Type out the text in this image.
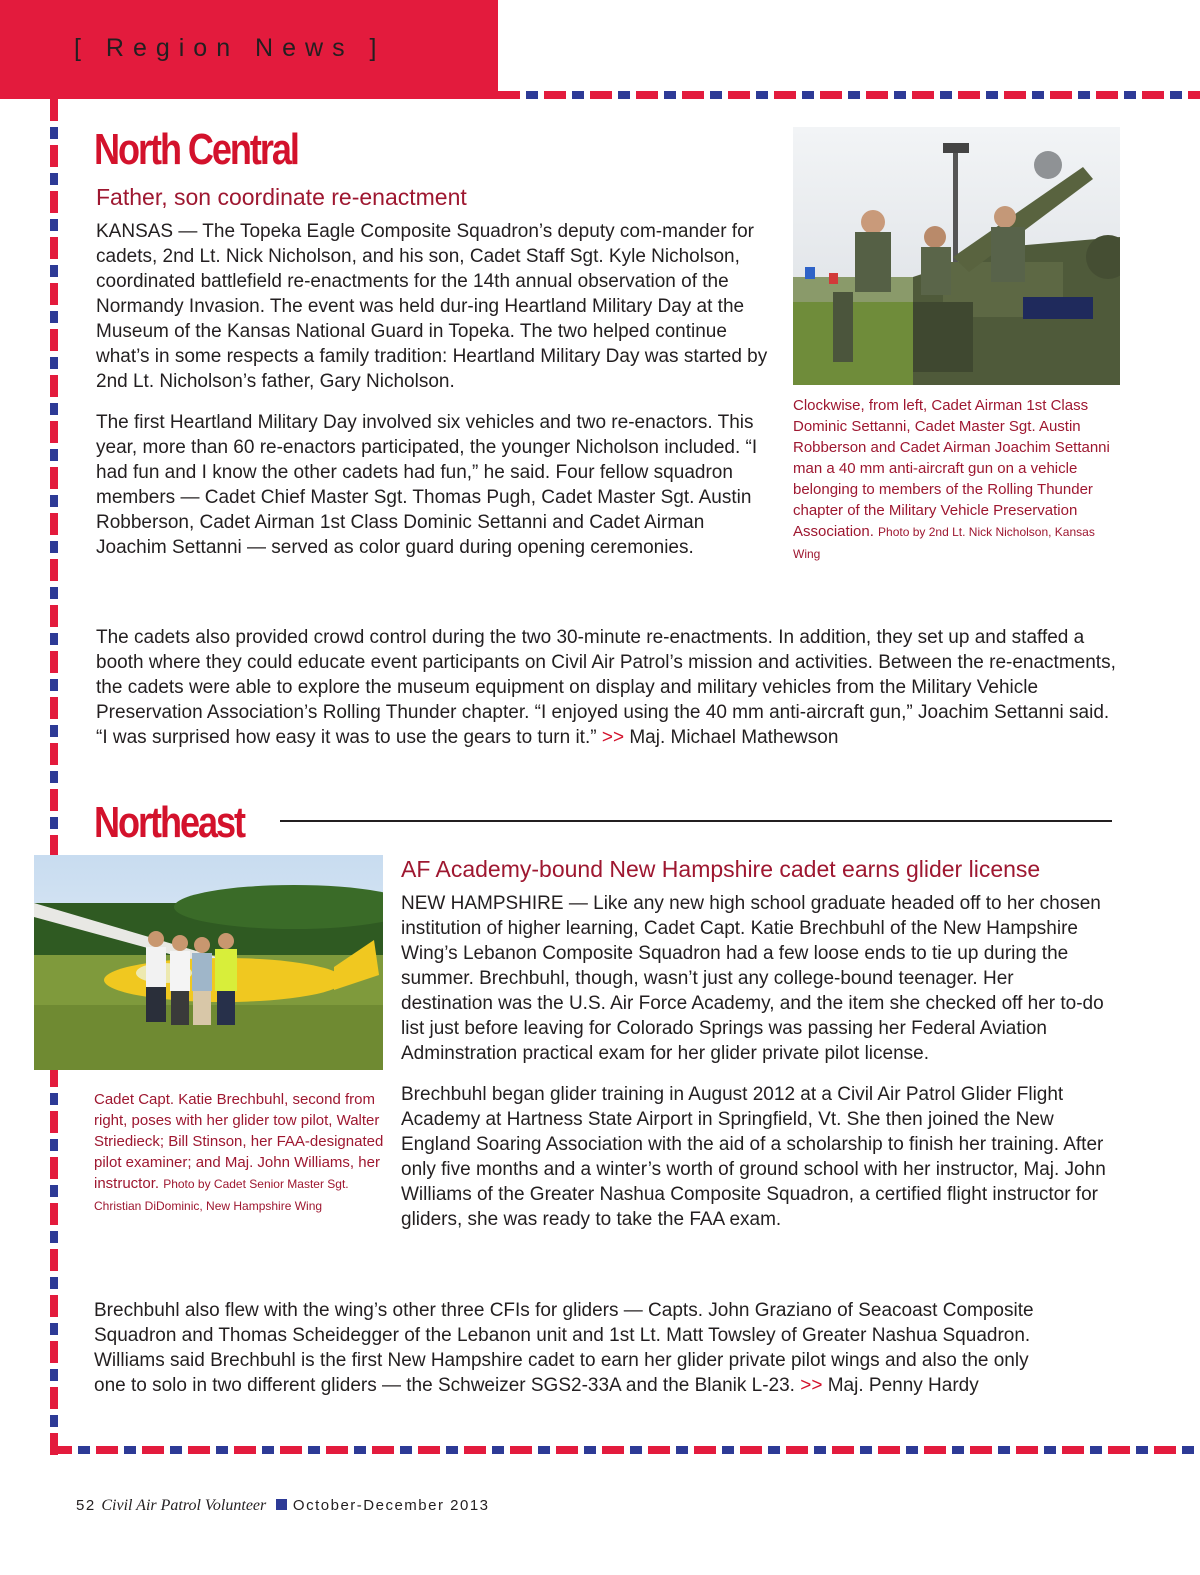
[ Region News ]
North Central
Father, son coordinate re-enactment

KANSAS — The Topeka Eagle Composite Squadron’s deputy com-mander for cadets, 2nd Lt. Nick Nicholson, and his son, Cadet Staff Sgt. Kyle Nicholson, coordinated battlefield re-enactments for the 14th annual observation of the Normandy Invasion. The event was held dur-ing Heartland Military Day at the Museum of the Kansas National Guard in Topeka. The two helped continue what’s in some respects a family tradition: Heartland Military Day was started by 2nd Lt. Nicholson’s father, Gary Nicholson.

The first Heartland Military Day involved six vehicles and two re-enactors. This year, more than 60 re-enactors participated, the younger Nicholson included. “I had fun and I know the other cadets had fun,” he said. Four fellow squadron members — Cadet Chief Master Sgt. Thomas Pugh, Cadet Master Sgt. Austin Robberson, Cadet Airman 1st Class Dominic Settanni and Cadet Airman Joachim Settanni — served as color guard during opening ceremonies.

Clockwise, from left, Cadet Airman 1st Class Dominic Settanni, Cadet Master Sgt. Austin Robberson and Cadet Airman Joachim Settanni man a 40 mm anti-aircraft gun on a vehicle belonging to members of the Rolling Thunder chapter of the Military Vehicle Preservation Association. Photo by 2nd Lt. Nick Nicholson, Kansas Wing

The cadets also provided crowd control during the two 30-minute re-enactments. In addition, they set up and staffed a booth where they could educate event participants on Civil Air Patrol’s mission and activities. Between the re-enactments, the cadets were able to explore the museum equipment on display and military vehicles from the Military Vehicle Preservation Association’s Rolling Thunder chapter. “I enjoyed using the 40 mm anti-aircraft gun,” Joachim Settanni said. “I was surprised how easy it was to use the gears to turn it.” >> Maj. Michael Mathewson

Northeast
Cadet Capt. Katie Brechbuhl, second from right, poses with her glider tow pilot, Walter Striedieck; Bill Stinson, her FAA-designated pilot examiner; and Maj. John Williams, her instructor. Photo by Cadet Senior Master Sgt. Christian DiDominic, New Hampshire Wing
AF Academy-bound New Hampshire cadet earns glider license

NEW HAMPSHIRE — Like any new high school graduate headed off to her chosen institution of higher learning, Cadet Capt. Katie Brechbuhl of the New Hampshire Wing’s Lebanon Composite Squadron had a few loose ends to tie up during the summer. Brechbuhl, though, wasn’t just any college-bound teenager. Her destination was the U.S. Air Force Academy, and the item she checked off her to-do list just before leaving for Colorado Springs was passing her Federal Aviation Adminstration practical exam for her glider private pilot license.

Brechbuhl began glider training in August 2012 at a Civil Air Patrol Glider Flight Academy at Hartness State Airport in Springfield, Vt. She then joined the New England Soaring Association with the aid of a scholarship to finish her training. After only five months and a winter’s worth of ground school with her instructor, Maj. John Williams of the Greater Nashua Composite Squadron, a certified flight instructor for gliders, she was ready to take the FAA exam.

Brechbuhl also flew with the wing’s other three CFIs for gliders — Capts. John Graziano of Seacoast Composite Squadron and Thomas Scheidegger of the Lebanon unit and 1st Lt. Matt Towsley of Greater Nashua Squadron. Williams said Brechbuhl is the first New Hampshire cadet to earn her glider private pilot wings and also the only one to solo in two different gliders — the Schweizer SGS2-33A and the Blanik L-23. >> Maj. Penny Hardy

52 Civil Air Patrol Volunteer October-December 2013
